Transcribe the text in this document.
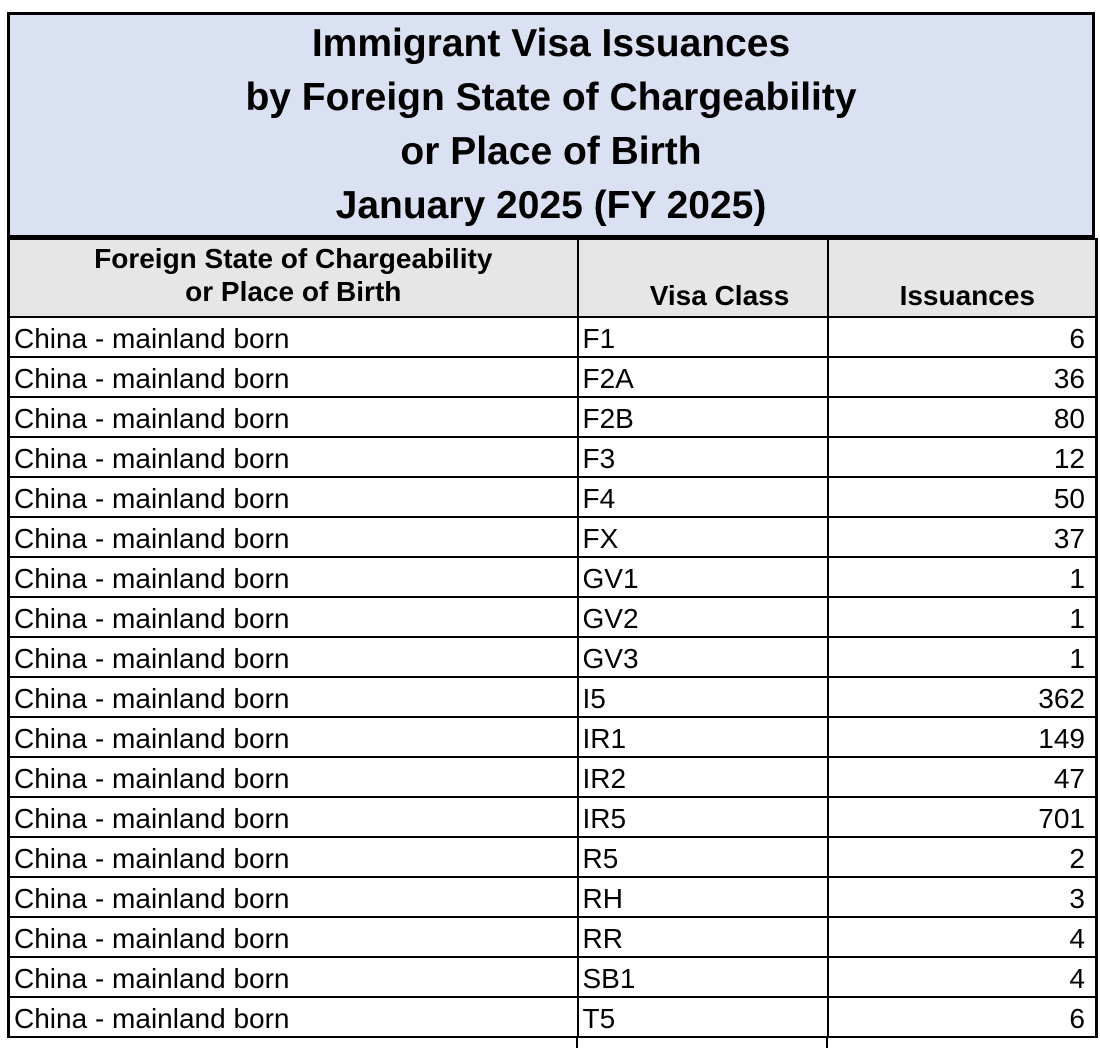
Immigrant Visa Issuances
by Foreign State of Chargeability
or Place of Birth
January 2025 (FY 2025)
Foreign State of Chargeability
or Place of Birth	Visa Class	Issuances
China - mainland born	F1	6
China - mainland born	F2A	36
China - mainland born	F2B	80
China - mainland born	F3	12
China - mainland born	F4	50
China - mainland born	FX	37
China - mainland born	GV1	1
China - mainland born	GV2	1
China - mainland born	GV3	1
China - mainland born	I5	362
China - mainland born	IR1	149
China - mainland born	IR2	47
China - mainland born	IR5	701
China - mainland born	R5	2
China - mainland born	RH	3
China - mainland born	RR	4
China - mainland born	SB1	4
China - mainland born	T5	6
